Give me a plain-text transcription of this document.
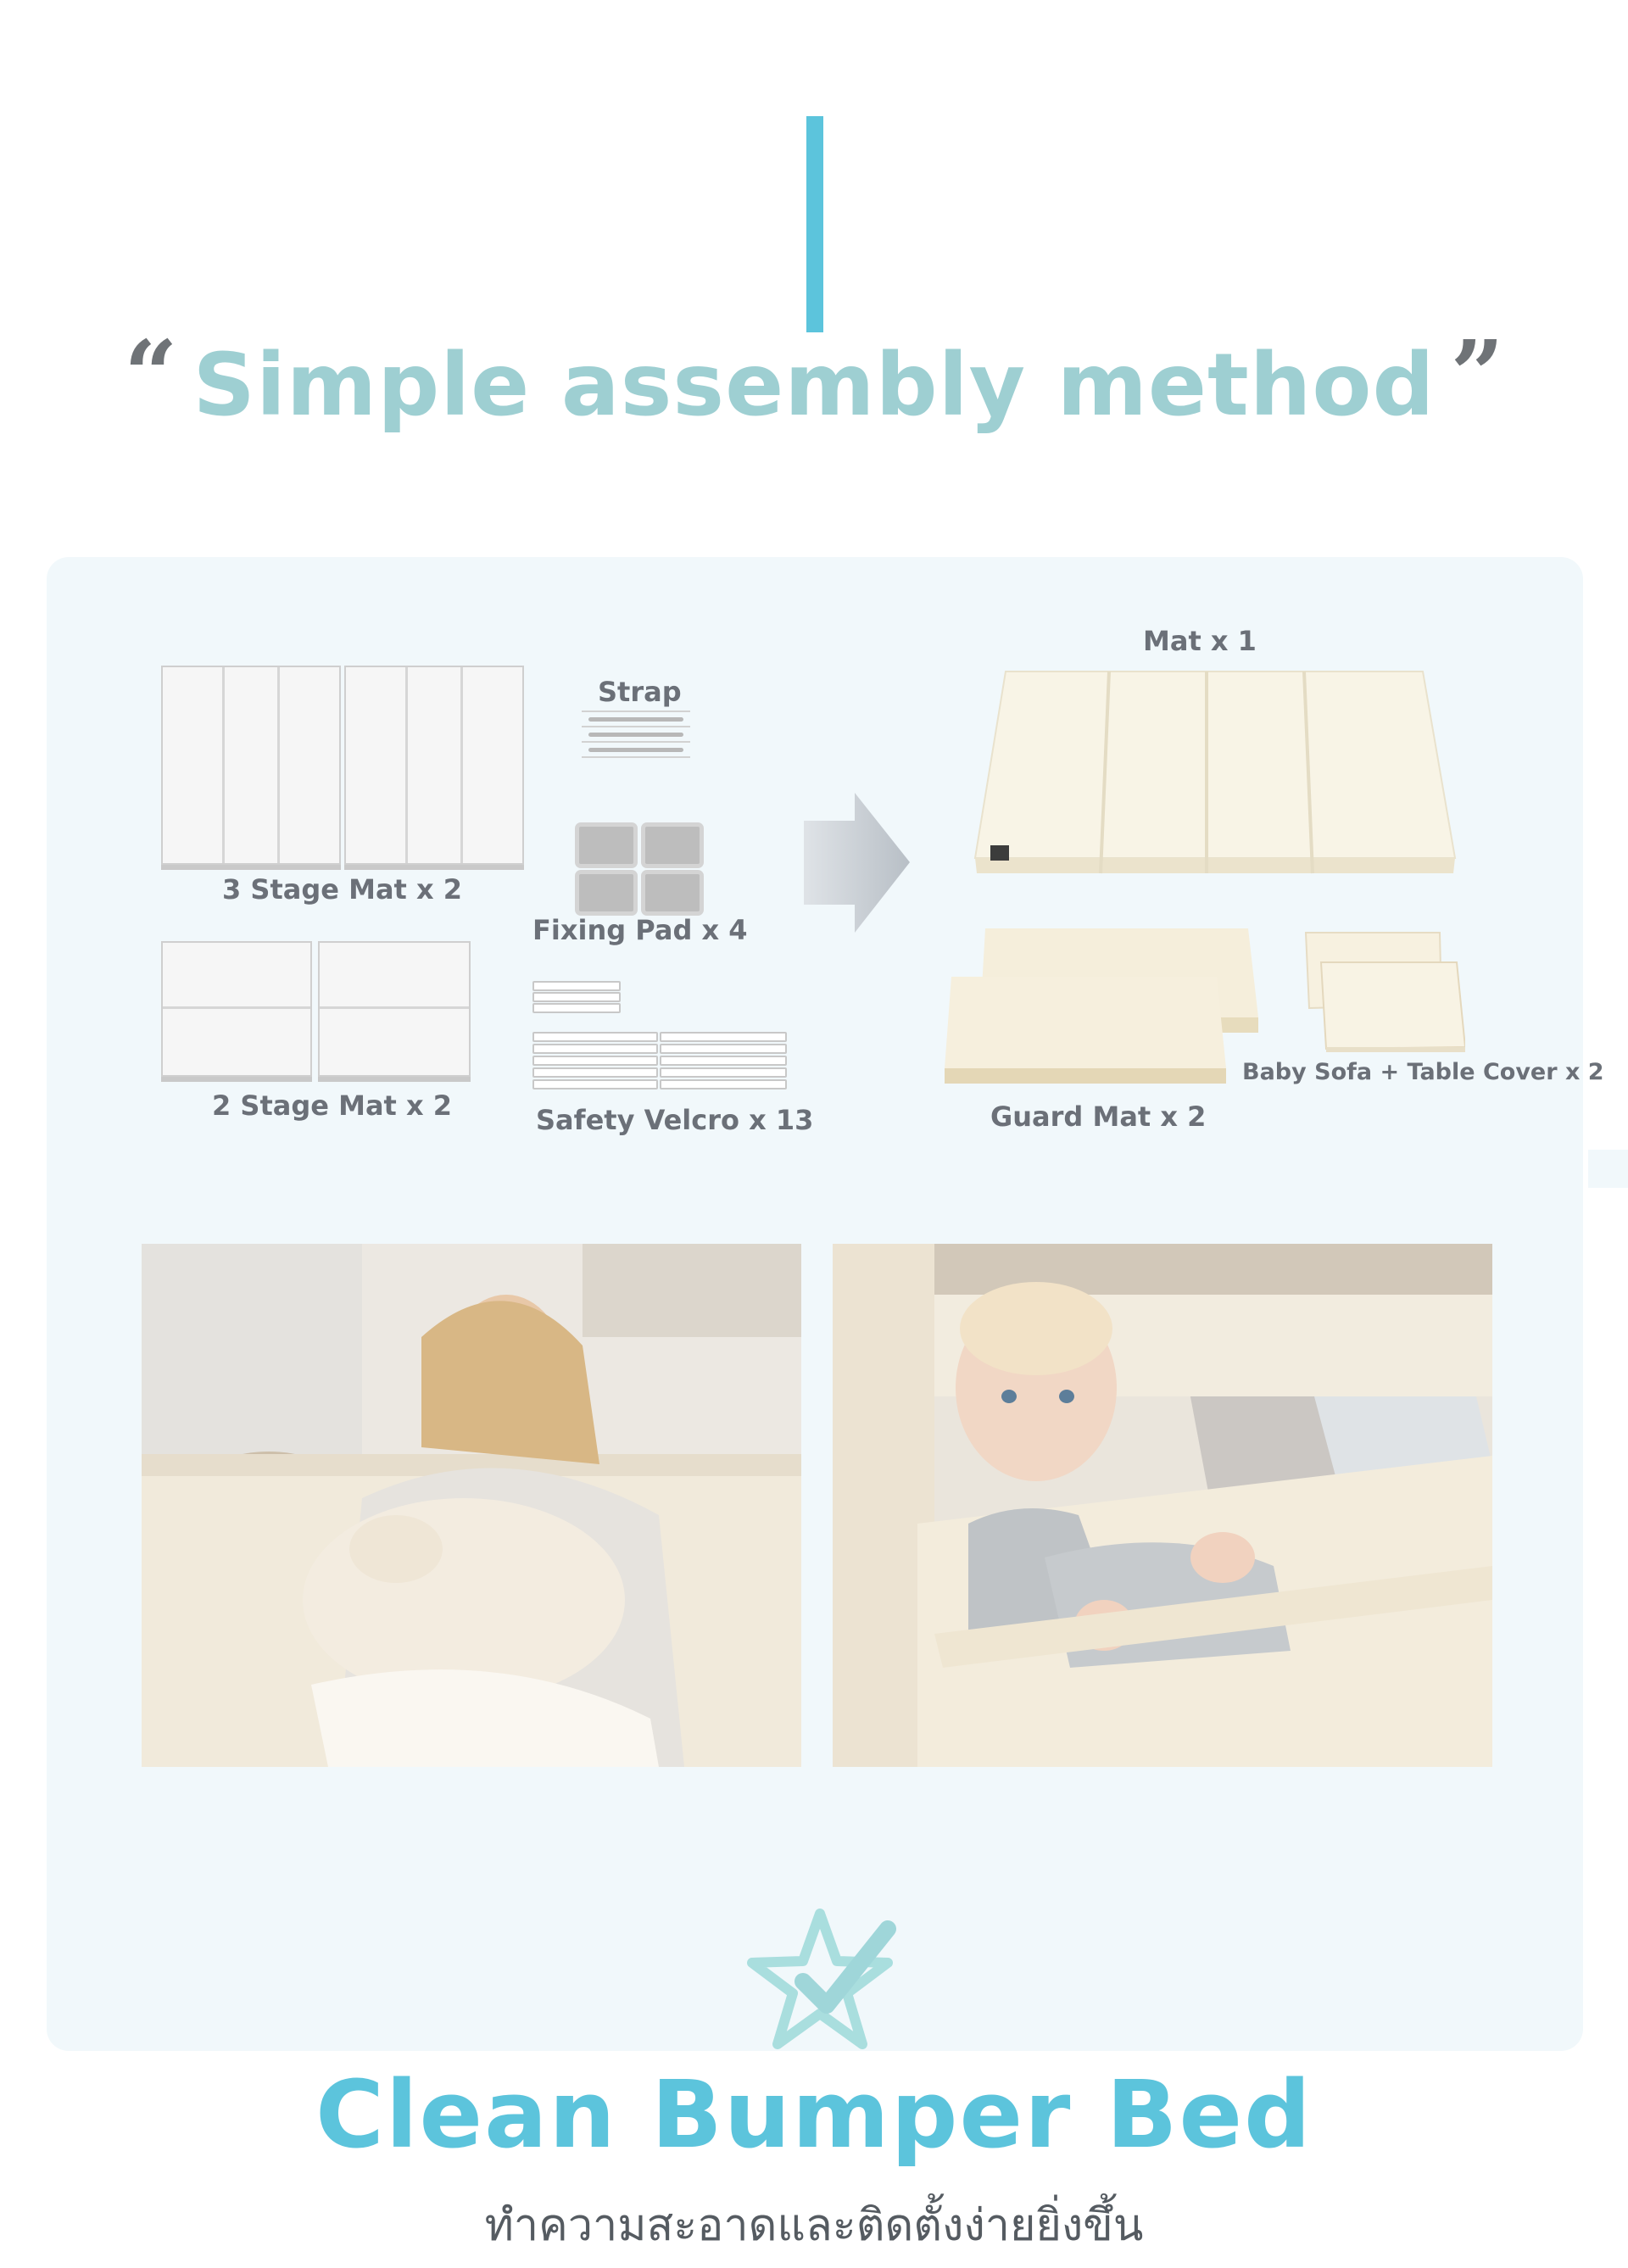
“ Simple assembly method ”
3 Stage Mat x 2
2 Stage Mat x 2
Strap
Fixing Pad x 4
Safety Velcro x 13
Mat x 1
Guard Mat x 2
Baby Sofa + Table Cover x 2
Clean Bumper Bed
ทำความสะอาดและติดตั้งง่ายยิ่งขึ้น
